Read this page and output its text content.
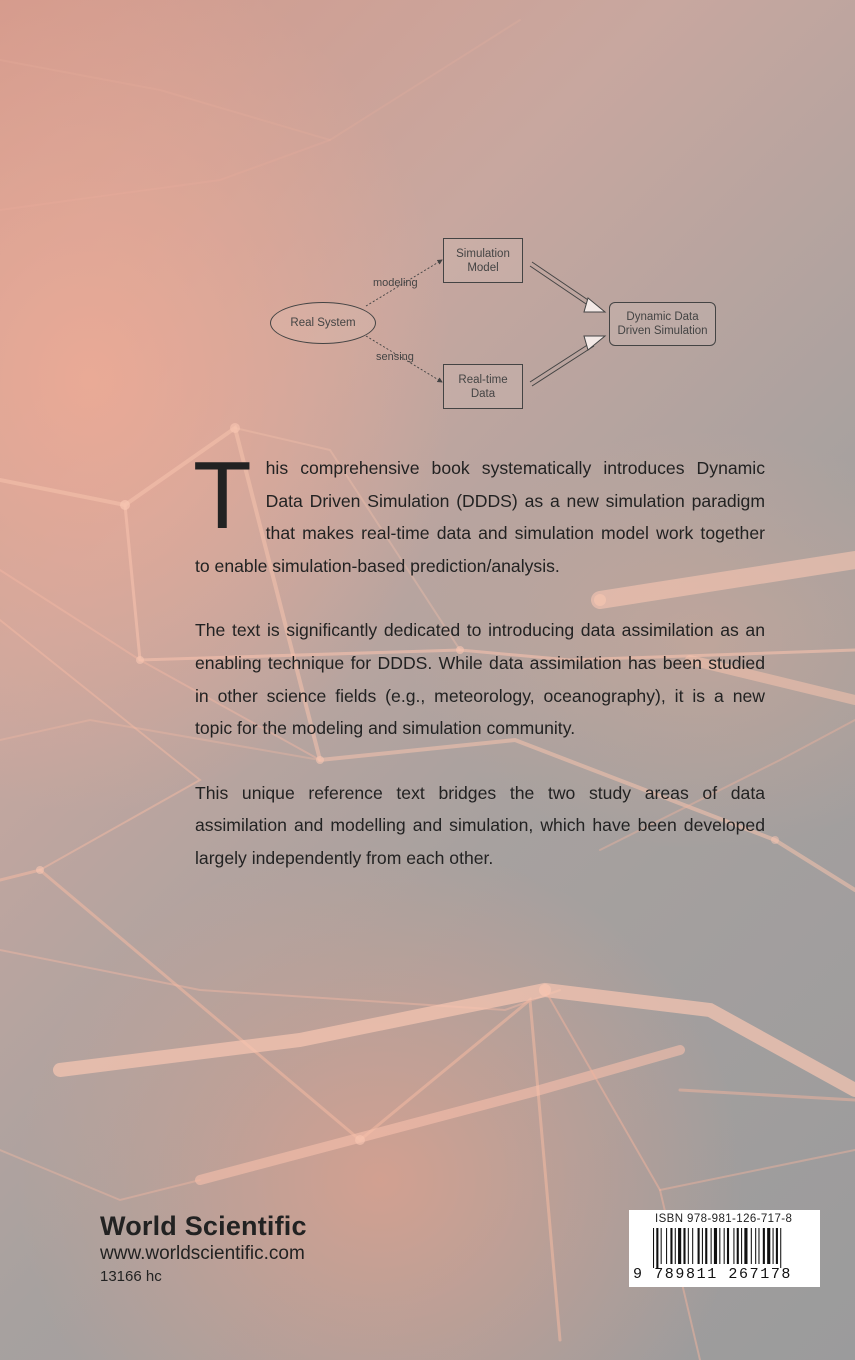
Real System
Simulation
Model
Real-time
Data
Dynamic Data
Driven Simulation
modeling
sensing

This comprehensive book systematically introduces Dynamic Data Driven Simulation (DDDS) as a new simulation paradigm that makes real-time data and simulation model work together to enable simulation-based prediction/analysis.

The text is significantly dedicated to introducing data assimilation as an enabling technique for DDDS. While data assimilation has been studied in other science fields (e.g., meteorology, oceanography), it is a new topic for the modeling and simulation community.

This unique reference text bridges the two study areas of data assimilation and modelling and simulation, which have been developed largely independently from each other.

World Scientific
www.worldscientific.com
13166 hc
ISBN 978-981-126-717-8
9 789811 267178
